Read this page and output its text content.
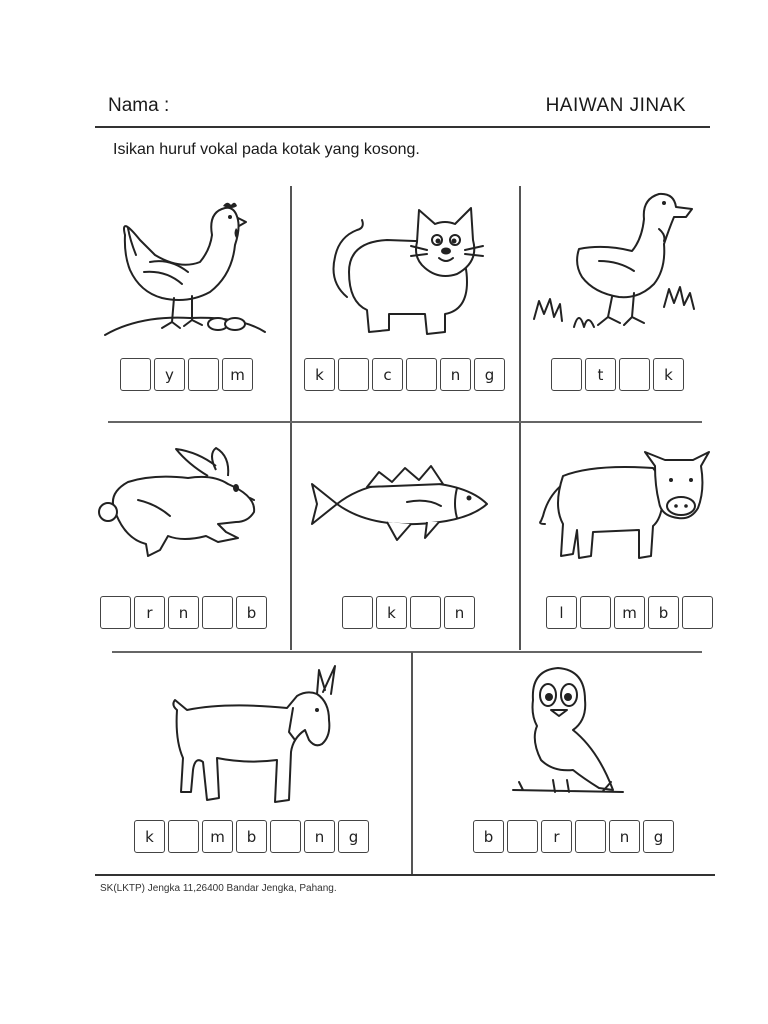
Nama :	HAIWAN JINAK
Isikan huruf vokal pada kotak yang kosong.
SK(LKTP) Jengka 11,26400 Bandar Jengka, Pahang.
y	m	k	c	n	g	t	k
r	n	b	k	n	l	m	b
k	m	b	n	g	b	r	n	g
